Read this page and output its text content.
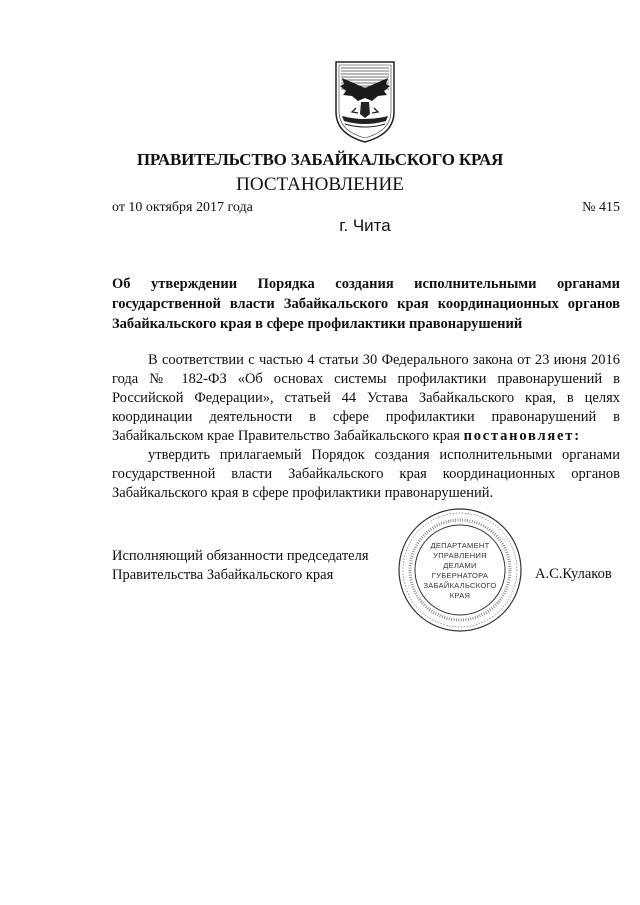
ПРАВИТЕЛЬСТВО ЗАБАЙКАЛЬСКОГО КРАЯ
ПОСТАНОВЛЕНИЕ
от 10 октября 2017 года	№ 415
г. Чита
Об утверждении Порядка создания исполнительными органами государственной власти Забайкальского края координационных органов Забайкальского края в сфере профилактики правонарушений
В соответствии с частью 4 статьи 30 Федерального закона от 23 июня 2016 года № 182-ФЗ «Об основах системы профилактики правонарушений в Российской Федерации», статьей 44 Устава Забайкальского края, в целях координации деятельности в сфере профилактики правонарушений в Забайкальском крае Правительство Забайкальского края постановляет:
утвердить прилагаемый Порядок создания исполнительными органами государственной власти Забайкальского края координационных органов Забайкальского края в сфере профилактики правонарушений.
Исполняющий обязанности председателя
Правительства Забайкальского края
ДЕПАРТАМЕНТ
УПРАВЛЕНИЯ
ДЕЛАМИ
ГУБЕРНАТОРА
ЗАБАЙКАЛЬСКОГО
КРАЯ
А.С.Кулаков
